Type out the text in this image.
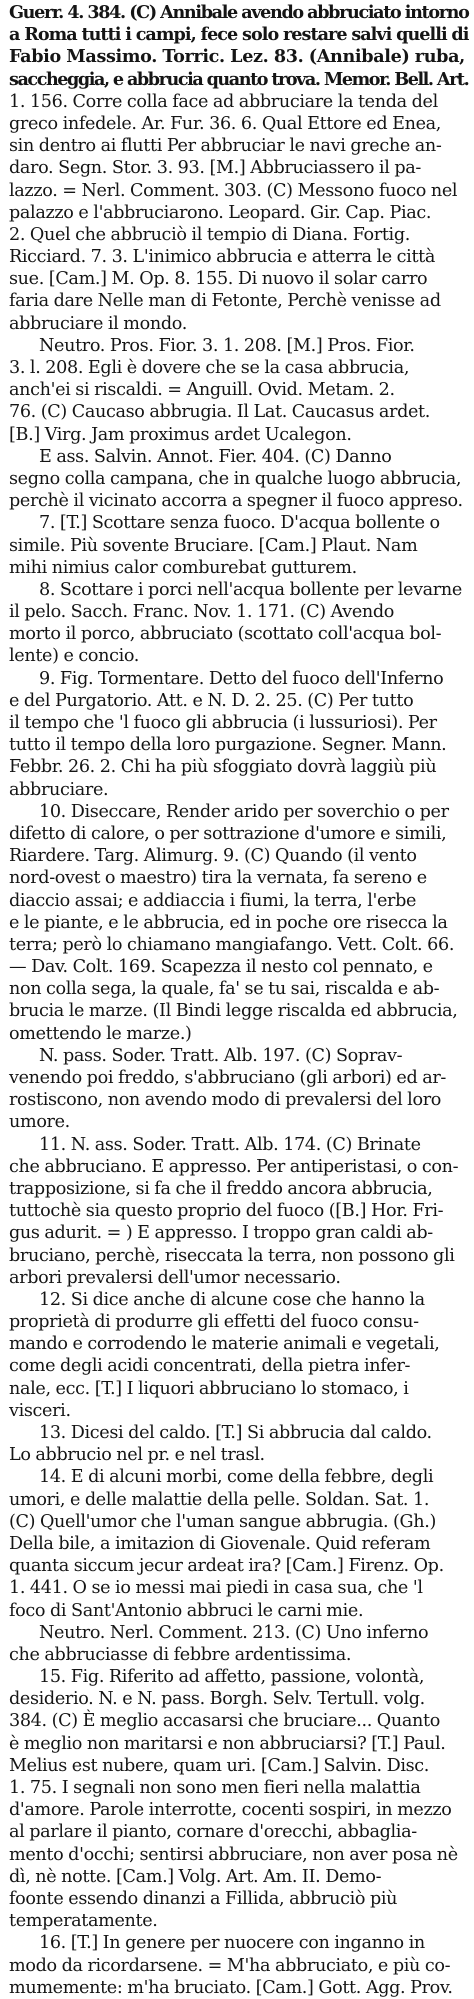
Guerr. 4. 384. (C) Annibale avendo abbruciato intorno
a Roma tutti i campi, fece solo restare salvi quelli di
Fabio Massimo. Torric. Lez. 83. (Annibale) ruba,
saccheggia, e abbrucia quanto trova. Memor. Bell. Art.
1. 156. Corre colla face ad abbruciare la tenda del
greco infedele. Ar. Fur. 36. 6. Qual Ettore ed Enea,
sin dentro ai flutti Per abbruciar le navi greche an-
daro. Segn. Stor. 3. 93. [M.] Abbruciassero il pa-
lazzo. = Nerl. Comment. 303. (C) Messono fuoco nel
palazzo e l'abbruciarono. Leopard. Gir. Cap. Piac.
2. Quel che abbruciò il tempio di Diana. Fortig.
Ricciard. 7. 3. L'inimico abbrucia e atterra le città
sue. [Cam.] M. Op. 8. 155. Di nuovo il solar carro
faria dare Nelle man di Fetonte, Perchè venisse ad
abbruciare il mondo.
Neutro. Pros. Fior. 3. 1. 208. [M.] Pros. Fior.
3. l. 208. Egli è dovere che se la casa abbrucia,
anch'ei si riscaldi. = Anguill. Ovid. Metam. 2.
76. (C) Caucaso abbrugia. Il Lat. Caucasus ardet.
[B.] Virg. Jam proximus ardet Ucalegon.
E ass. Salvin. Annot. Fier. 404. (C) Danno
segno colla campana, che in qualche luogo abbrucia,
perchè il vicinato accorra a spegner il fuoco appreso.
7. [T.] Scottare senza fuoco. D'acqua bollente o
simile. Più sovente Bruciare. [Cam.] Plaut. Nam
mihi nimius calor comburebat gutturem.
8. Scottare i porci nell'acqua bollente per levarne
il pelo. Sacch. Franc. Nov. 1. 171. (C) Avendo
morto il porco, abbruciato (scottato coll'acqua bol-
lente) e concio.
9. Fig. Tormentare. Detto del fuoco dell'Inferno
e del Purgatorio. Att. e N. D. 2. 25. (C) Per tutto
il tempo che 'l fuoco gli abbrucia (i lussuriosi). Per
tutto il tempo della loro purgazione. Segner. Mann.
Febbr. 26. 2. Chi ha più sfoggiato dovrà laggiù più
abbruciare.
10. Diseccare, Render arido per soverchio o per
difetto di calore, o per sottrazione d'umore e simili,
Riardere. Targ. Alimurg. 9. (C) Quando (il vento
nord-ovest o maestro) tira la vernata, fa sereno e
diaccio assai; e addiaccia i fiumi, la terra, l'erbe
e le piante, e le abbrucia, ed in poche ore risecca la
terra; però lo chiamano mangiafango. Vett. Colt. 66.
— Dav. Colt. 169. Scapezza il nesto col pennato, e
non colla sega, la quale, fa' se tu sai, riscalda e ab-
brucia le marze. (Il Bindi legge riscalda ed abbrucia,
omettendo le marze.)
N. pass. Soder. Tratt. Alb. 197. (C) Soprav-
venendo poi freddo, s'abbruciano (gli arbori) ed ar-
rostiscono, non avendo modo di prevalersi del loro
umore.
11. N. ass. Soder. Tratt. Alb. 174. (C) Brinate
che abbruciano. E appresso. Per antiperistasi, o con-
trapposizione, si fa che il freddo ancora abbrucia,
tuttochè sia questo proprio del fuoco ([B.] Hor. Fri-
gus adurit. = ) E appresso. I troppo gran caldi ab-
bruciano, perchè, riseccata la terra, non possono gli
arbori prevalersi dell'umor necessario.
12. Si dice anche di alcune cose che hanno la
proprietà di produrre gli effetti del fuoco consu-
mando e corrodendo le materie animali e vegetali,
come degli acidi concentrati, della pietra infer-
nale, ecc. [T.] I liquori abbruciano lo stomaco, i
visceri.
13. Dicesi del caldo. [T.] Si abbrucia dal caldo.
Lo abbrucio nel pr. e nel trasl.
14. E di alcuni morbi, come della febbre, degli
umori, e delle malattie della pelle. Soldan. Sat. 1.
(C) Quell'umor che l'uman sangue abbrugia. (Gh.)
Della bile, a imitazion di Giovenale. Quid referam
quanta siccum jecur ardeat ira? [Cam.] Firenz. Op.
1. 441. O se io messi mai piedi in casa sua, che 'l
foco di Sant'Antonio abbruci le carni mie.
Neutro. Nerl. Comment. 213. (C) Uno inferno
che abbruciasse di febbre ardentissima.
15. Fig. Riferito ad affetto, passione, volontà,
desiderio. N. e N. pass. Borgh. Selv. Tertull. volg.
384. (C) È meglio accasarsi che bruciare... Quanto
è meglio non maritarsi e non abbruciarsi? [T.] Paul.
Melius est nubere, quam uri. [Cam.] Salvin. Disc.
1. 75. I segnali non sono men fieri nella malattia
d'amore. Parole interrotte, cocenti sospiri, in mezzo
al parlare il pianto, cornare d'orecchi, abbaglia-
mento d'occhi; sentirsi abbruciare, non aver posa nè
dì, nè notte. [Cam.] Volg. Art. Am. II. Demo-
foonte essendo dinanzi a Fillida, abbruciò più
temperatamente.
16. [T.] In genere per nuocere con inganno in
modo da ricordarsene. = M'ha abbruciato, e più co-
mumemente: m'ha bruciato. [Cam.] Gott. Agg. Prov.
